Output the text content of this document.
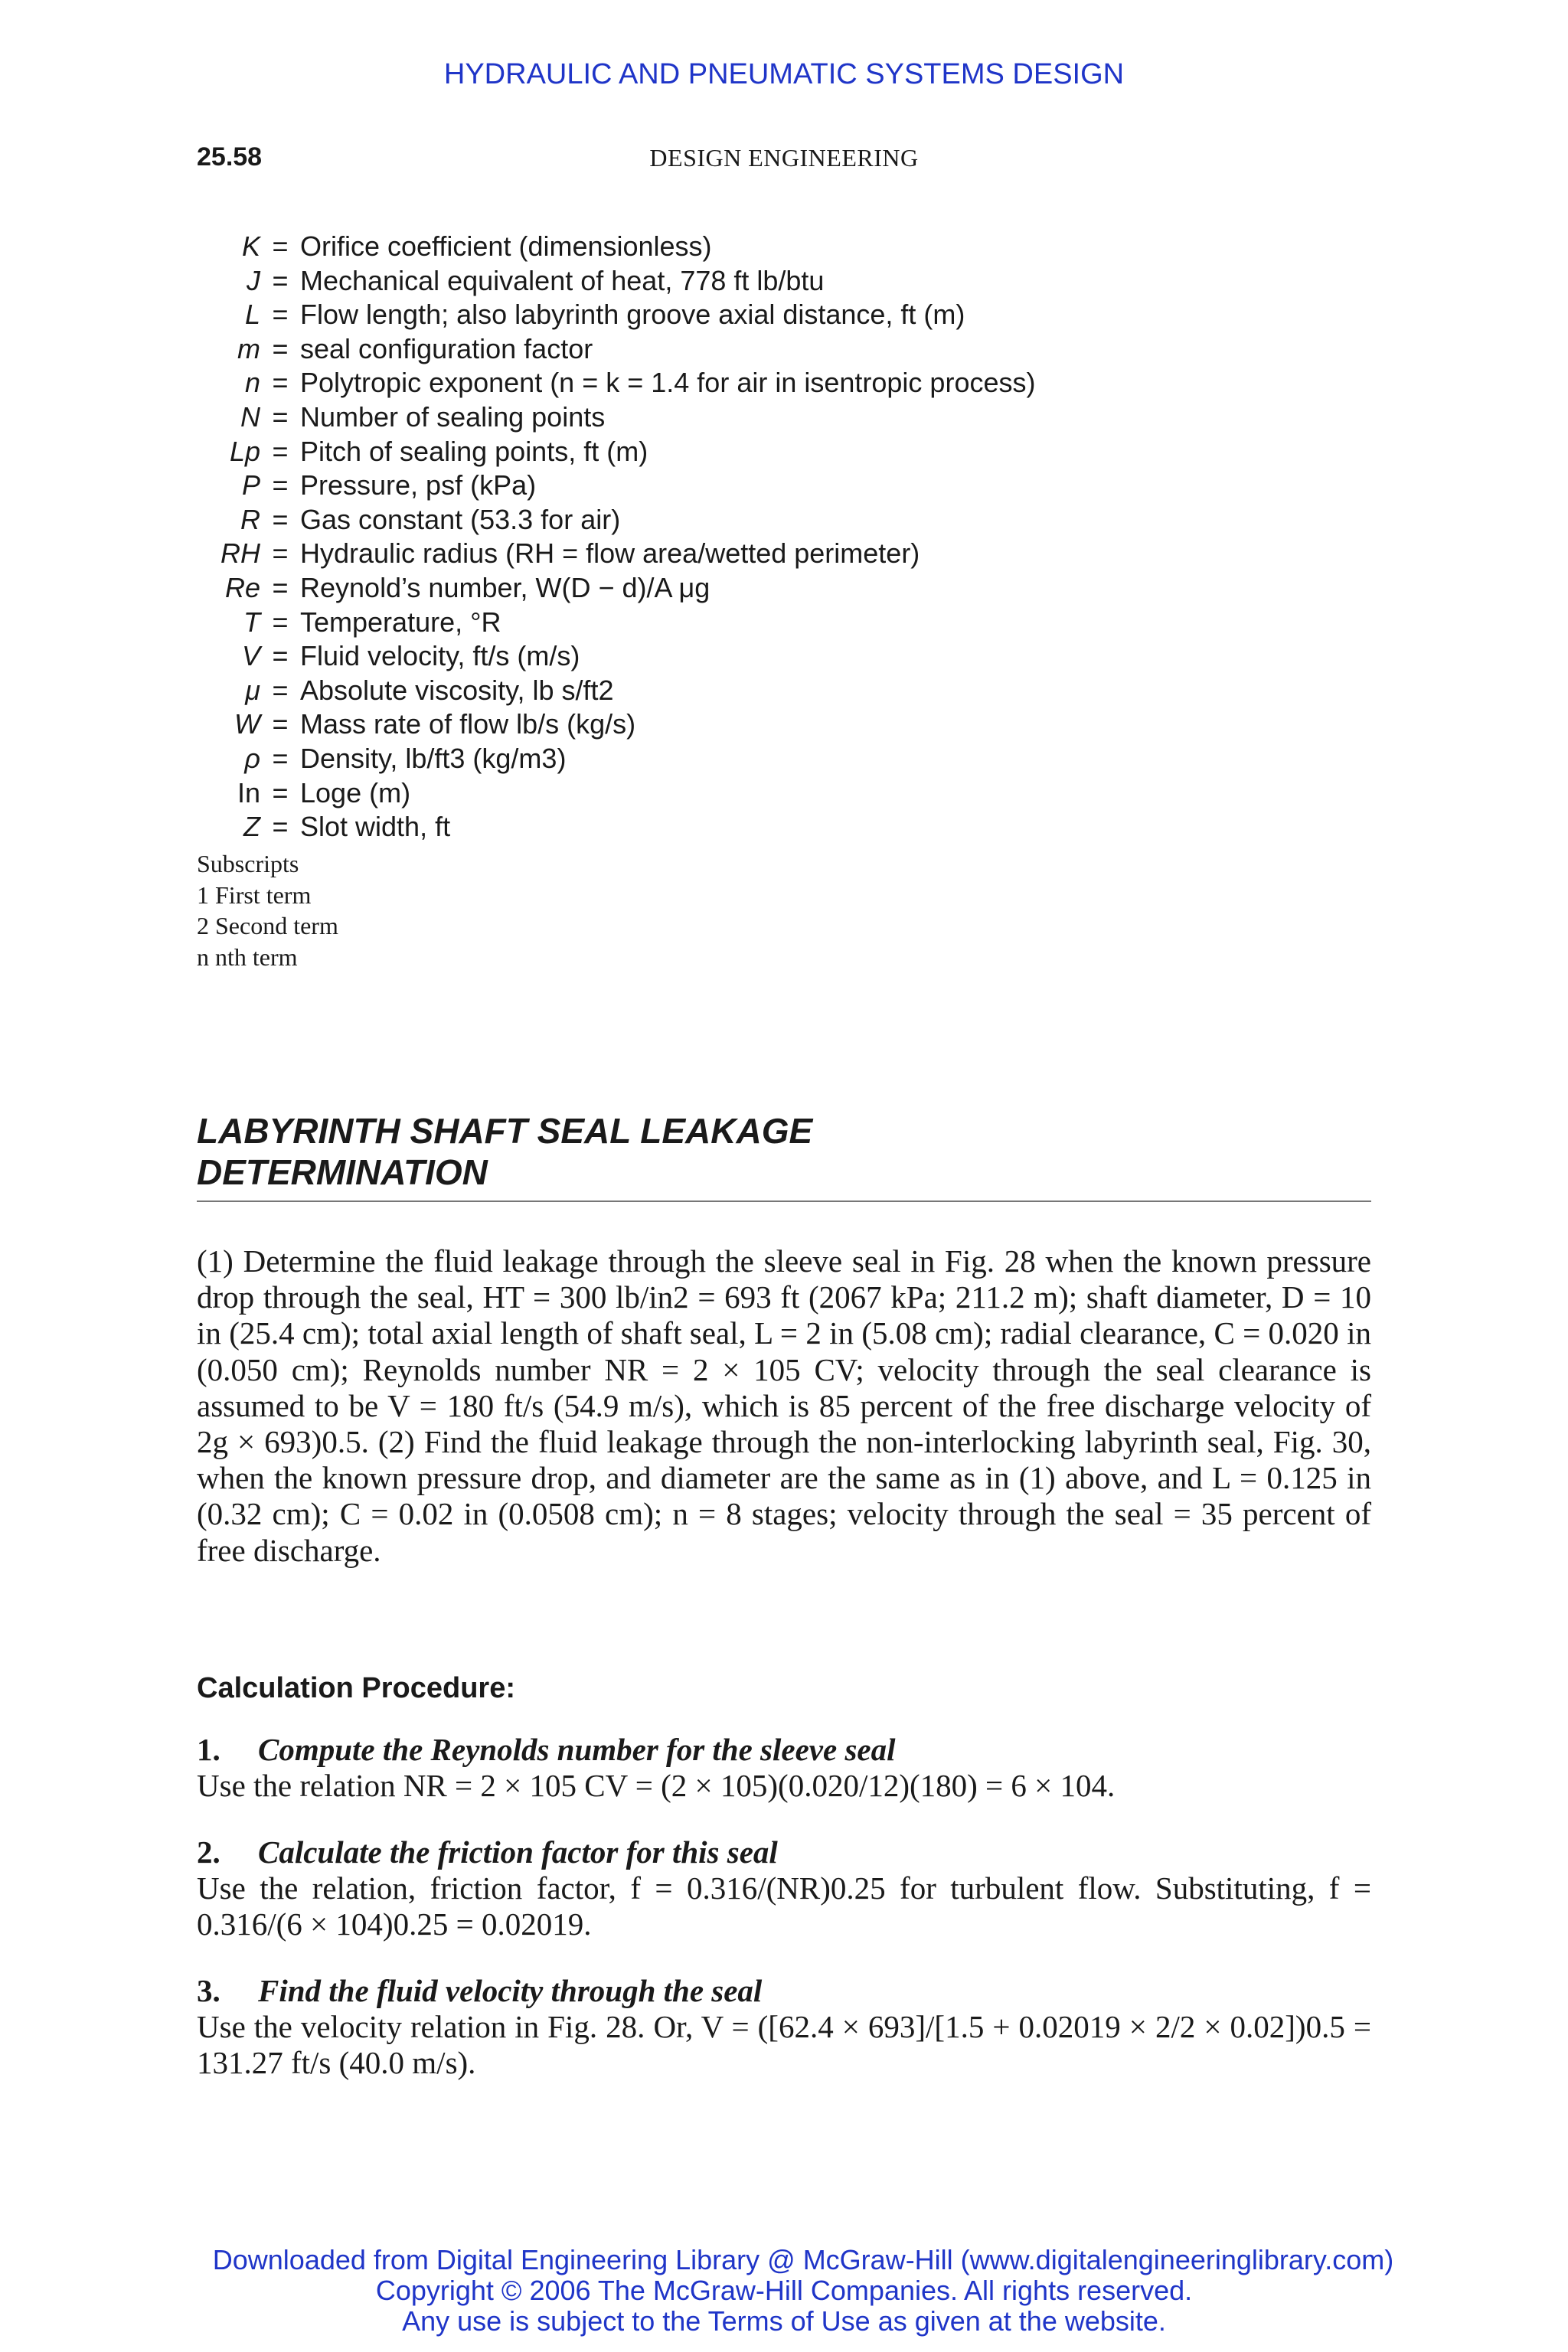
HYDRAULIC AND PNEUMATIC SYSTEMS DESIGN
25.58	DESIGN ENGINEERING
K = Orifice coefficient (dimensionless)
J = Mechanical equivalent of heat, 778 ft lb/btu
L = Flow length; also labyrinth groove axial distance, ft (m)
m = seal configuration factor
n = Polytropic exponent (n = k = 1.4 for air in isentropic process)
N = Number of sealing points
Lp = Pitch of sealing points, ft (m)
P = Pressure, psf (kPa)
R = Gas constant (53.3 for air)
RH = Hydraulic radius (RH = flow area/wetted perimeter)
Re = Reynold’s number, W(D − d)/A μg
T = Temperature, °R
V = Fluid velocity, ft/s (m/s)
μ = Absolute viscosity, lb s/ft2
W = Mass rate of flow lb/s (kg/s)
ρ = Density, lb/ft3 (kg/m3)
In = Loge (m)
Z = Slot width, ft
Subscripts
1 First term
2 Second term
n nth term
LABYRINTH SHAFT SEAL LEAKAGE
DETERMINATION
(1) Determine the fluid leakage through the sleeve seal in Fig. 28 when the known pressure drop through the seal, HT = 300 lb/in2 = 693 ft (2067 kPa; 211.2 m); shaft diameter, D = 10 in (25.4 cm); total axial length of shaft seal, L = 2 in (5.08 cm); radial clearance, C = 0.020 in (0.050 cm); Reynolds number NR = 2 × 105 CV; velocity through the seal clearance is assumed to be V = 180 ft/s (54.9 m/s), which is 85 percent of the free discharge velocity of 2g × 693)0.5. (2) Find the fluid leakage through the non-interlocking labyrinth seal, Fig. 30, when the known pressure drop, and diameter are the same as in (1) above, and L = 0.125 in (0.32 cm); C = 0.02 in (0.0508 cm); n = 8 stages; velocity through the seal = 35 percent of free discharge.
Calculation Procedure:
1. Compute the Reynolds number for the sleeve seal
Use the relation NR = 2 × 105 CV = (2 × 105)(0.020/12)(180) = 6 × 104.
2. Calculate the friction factor for this seal
Use the relation, friction factor, f = 0.316/(NR)0.25 for turbulent flow. Substituting, f = 0.316/(6 × 104)0.25 = 0.02019.
3. Find the fluid velocity through the seal
Use the velocity relation in Fig. 28. Or, V = ([62.4 × 693]/[1.5 + 0.02019 × 2/2 × 0.02])0.5 = 131.27 ft/s (40.0 m/s).
Downloaded from Digital Engineering Library @ McGraw-Hill (www.digitalengineeringlibrary.com)
Copyright © 2006 The McGraw-Hill Companies. All rights reserved.
Any use is subject to the Terms of Use as given at the website.
